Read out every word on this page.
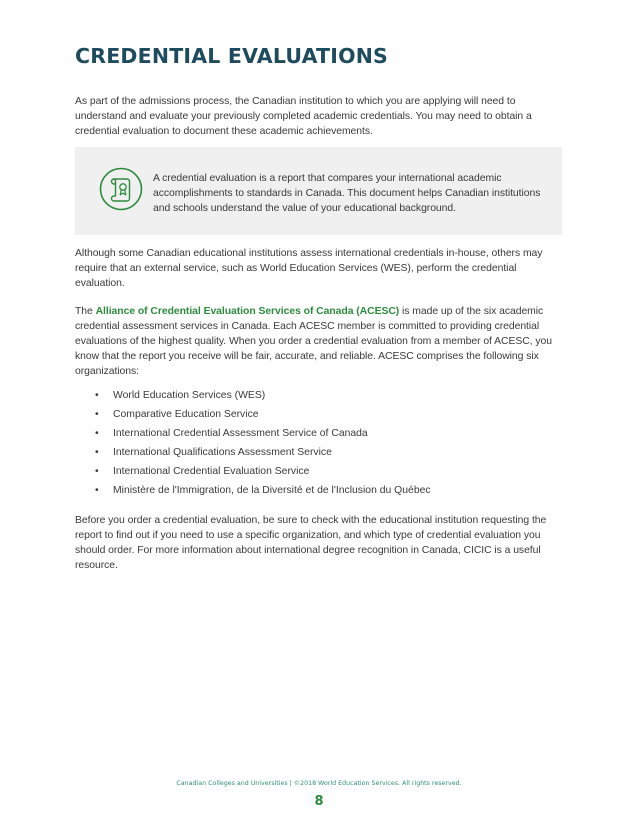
CREDENTIAL EVALUATIONS

As part of the admissions process, the Canadian institution to which you are applying will need to understand and evaluate your previously completed academic credentials. You may need to obtain a credential evaluation to document these academic achievements.

A credential evaluation is a report that compares your international academic accomplishments to standards in Canada. This document helps Canadian institutions and schools understand the value of your educational background.

Although some Canadian educational institutions assess international credentials in-house, others may require that an external service, such as World Education Services (WES), perform the credential evaluation.

The Alliance of Credential Evaluation Services of Canada (ACESC) is made up of the six academic credential assessment services in Canada. Each ACESC member is committed to providing credential evaluations of the highest quality. When you order a credential evaluation from a member of ACESC, you know that the report you receive will be fair, accurate, and reliable. ACESC comprises the following six organizations:

• World Education Services (WES)
• Comparative Education Service
• International Credential Assessment Service of Canada
• International Qualifications Assessment Service
• International Credential Evaluation Service
• Ministère de l'Immigration, de la Diversité et de l'Inclusion du Québec

Before you order a credential evaluation, be sure to check with the educational institution requesting the report to find out if you need to use a specific organization, and which type of credential evaluation you should order. For more information about international degree recognition in Canada, CICIC is a useful resource.

Canadian Colleges and Universities | ©2018 World Education Services. All rights reserved.
8
